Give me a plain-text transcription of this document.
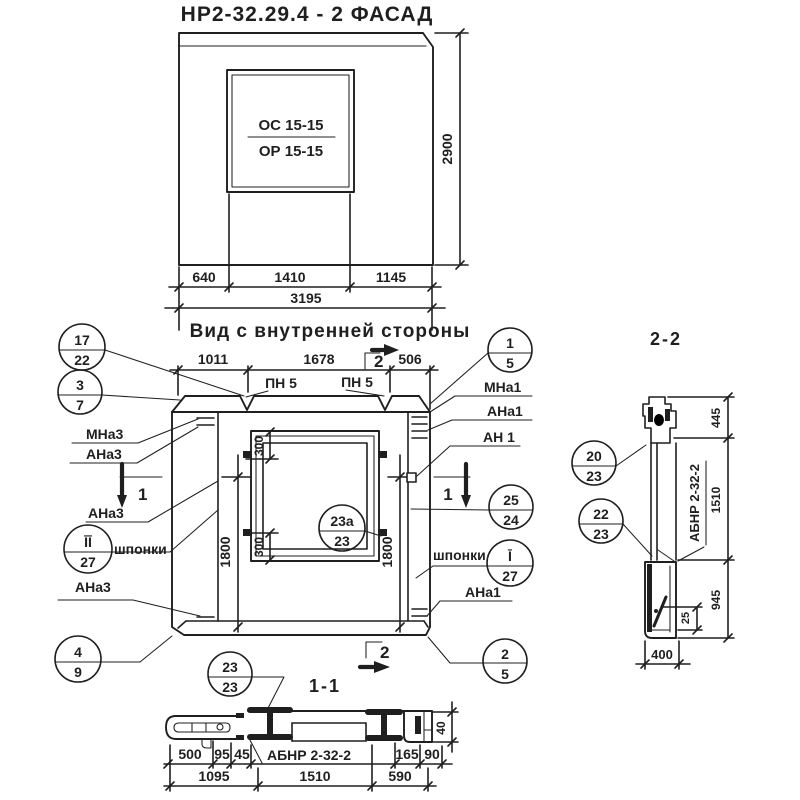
НР2-32.29.4 - 2 ФАСАД
ОС 15-15
ОР 15-15	2900
640	1410	1145
3195
Вид с внутренней стороны
1011	1678	506
ПН 5	ПН 5
300
300
1800	1800
1	1
2
2
МНа3
АНа3
АНа3
АНа3
шпонки
МНа1
АНа1
АН 1
шпонки
АНа1
17
22
3
7
ĪĪ
27
4
9
1
5
25
24
Ī
27
2
5
23а
23
23
23
20
23
22
23
2-2
АБНР 2-32-2
445
1510
945
25
400
1-1
АБНР 2-32-2
500 95 45	165 90
1095	1510	590
40
